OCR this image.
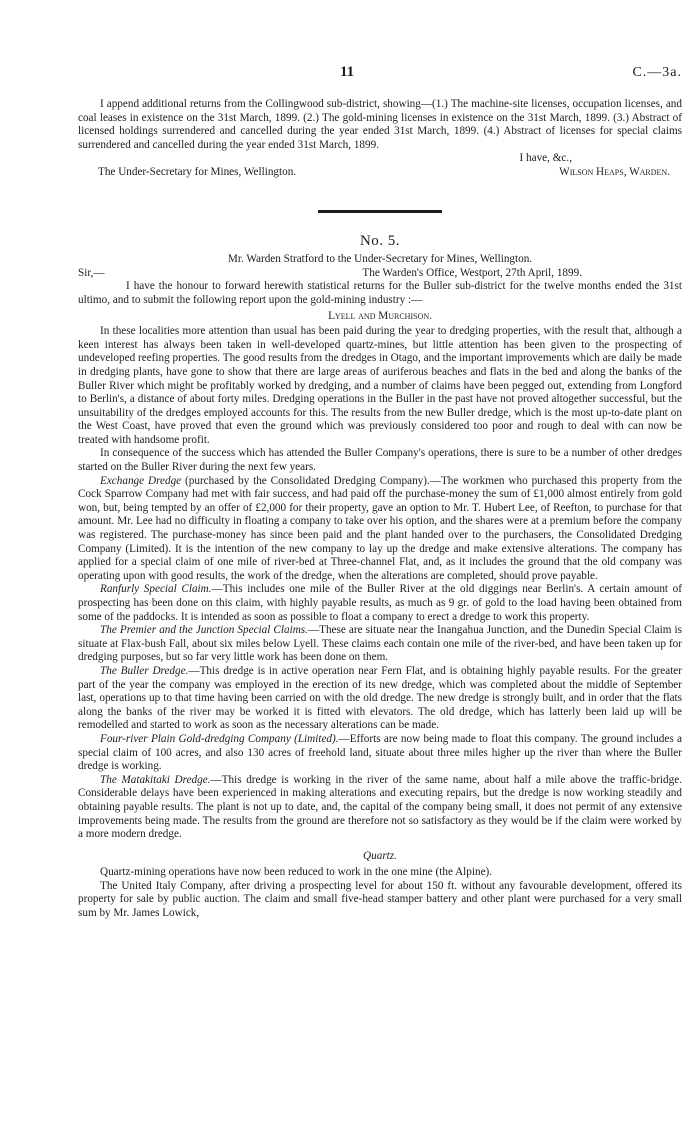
11	C.—3a.

I append additional returns from the Collingwood sub-district, showing—(1.) The machine-site licenses, occupation licenses, and coal leases in existence on the 31st March, 1899. (2.) The gold-mining licenses in existence on the 31st March, 1899. (3.) Abstract of licensed holdings surrendered and cancelled during the year ended 31st March, 1899. (4.) Abstract of licenses for special claims surrendered and cancelled during the year ended 31st March, 1899.

I have, &c.,

The Under-Secretary for Mines, Wellington.	Wilson Heaps, Warden.
No. 5.

Mr. Warden Stratford to the Under-Secretary for Mines, Wellington.

Sir,—	The Warden's Office, Westport, 27th April, 1899.

I have the honour to forward herewith statistical returns for the Buller sub-district for the twelve months ended the 31st ultimo, and to submit the following report upon the gold-mining industry :—

Lyell and Murchison.

In these localities more attention than usual has been paid during the year to dredging properties, with the result that, although a keen interest has always been taken in well-developed quartz-mines, but little attention has been given to the prospecting of undeveloped reefing properties. The good results from the dredges in Otago, and the important improvements which are daily be made in dredging plants, have gone to show that there are large areas of auriferous beaches and flats in the bed and along the banks of the Buller River which might be profitably worked by dredging, and a number of claims have been pegged out, extending from Longford to Berlin's, a distance of about forty miles. Dredging operations in the Buller in the past have not proved altogether successful, but the unsuitability of the dredges employed accounts for this. The results from the new Buller dredge, which is the most up-to-date plant on the West Coast, have proved that even the ground which was previously considered too poor and rough to deal with can now be treated with handsome profit.

In consequence of the success which has attended the Buller Company's operations, there is sure to be a number of other dredges started on the Buller River during the next few years.

Exchange Dredge (purchased by the Consolidated Dredging Company).—The workmen who purchased this property from the Cock Sparrow Company had met with fair success, and had paid off the purchase-money the sum of £1,000 almost entirely from gold won, but, being tempted by an offer of £2,000 for their property, gave an option to Mr. T. Hubert Lee, of Reefton, to purchase for that amount. Mr. Lee had no difficulty in floating a company to take over his option, and the shares were at a premium before the company was registered. The purchase-money has since been paid and the plant handed over to the purchasers, the Consolidated Dredging Company (Limited). It is the intention of the new company to lay up the dredge and make extensive alterations. The company has applied for a special claim of one mile of river-bed at Three-channel Flat, and, as it includes the ground that the old company was operating upon with good results, the work of the dredge, when the alterations are completed, should prove payable.

Ranfurly Special Claim.—This includes one mile of the Buller River at the old diggings near Berlin's. A certain amount of prospecting has been done on this claim, with highly payable results, as much as 9 gr. of gold to the load having been obtained from some of the paddocks. It is intended as soon as possible to float a company to erect a dredge to work this property.

The Premier and the Junction Special Claims.—These are situate near the Inangahua Junction, and the Dunedin Special Claim is situate at Flax-bush Fall, about six miles below Lyell. These claims each contain one mile of the river-bed, and have been taken up for dredging purposes, but so far very little work has been done on them.

The Buller Dredge.—This dredge is in active operation near Fern Flat, and is obtaining highly payable results. For the greater part of the year the company was employed in the erection of its new dredge, which was completed about the middle of September last, operations up to that time having been carried on with the old dredge. The new dredge is strongly built, and in order that the flats along the banks of the river may be worked it is fitted with elevators. The old dredge, which has latterly been laid up will be remodelled and started to work as soon as the necessary alterations can be made.

Four-river Plain Gold-dredging Company (Limited).—Efforts are now being made to float this company. The ground includes a special claim of 100 acres, and also 130 acres of freehold land, situate about three miles higher up the river than where the Buller dredge is working.

The Matakitaki Dredge.—This dredge is working in the river of the same name, about half a mile above the traffic-bridge. Considerable delays have been experienced in making alterations and executing repairs, but the dredge is now working steadily and obtaining payable results. The plant is not up to date, and, the capital of the company being small, it does not permit of any extensive improvements being made. The results from the ground are therefore not so satisfactory as they would be if the claim were worked by a more modern dredge.

Quartz.

Quartz-mining operations have now been reduced to work in the one mine (the Alpine).

The United Italy Company, after driving a prospecting level for about 150 ft. without any favourable development, offered its property for sale by public auction. The claim and small five-head stamper battery and other plant were purchased for a very small sum by Mr. James Lowick,
